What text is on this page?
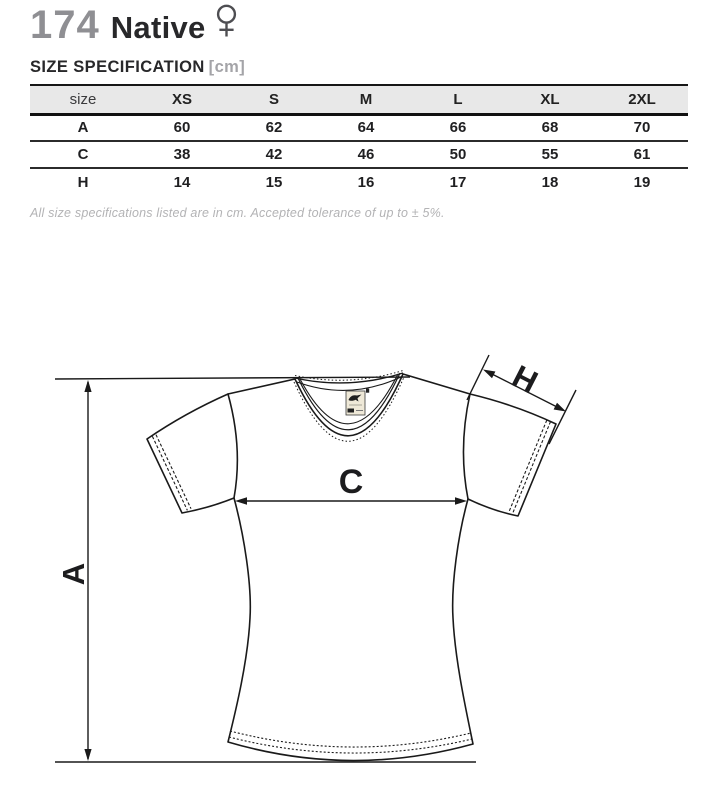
174 Native
SIZE SPECIFICATION [cm]
size	XS	S	M	L	XL	2XL
A	60	62	64	66	68	70
C	38	42	46	50	55	61
H	14	15	16	17	18	19
All size specifications listed are in cm. Accepted tolerance of up to ± 5%.
A
C
H
